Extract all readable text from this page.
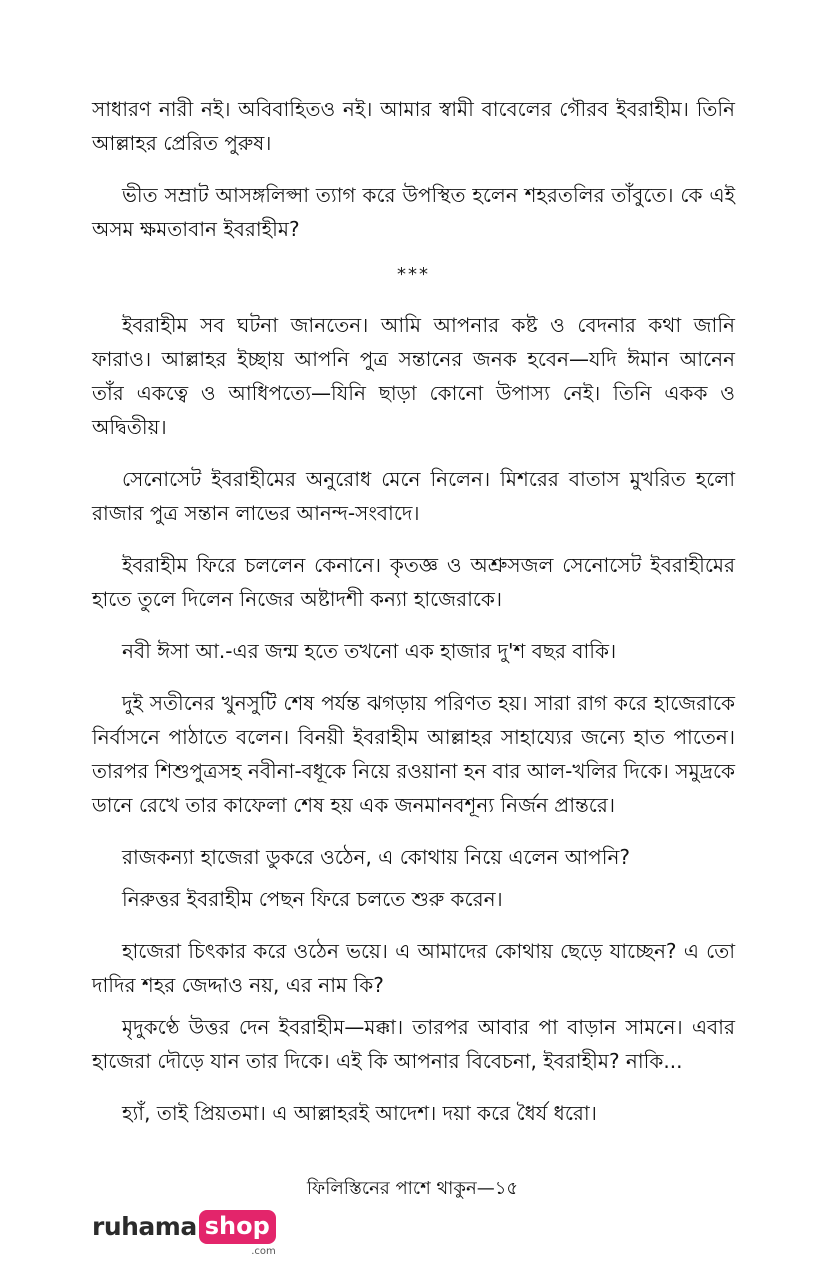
সাধারণ নারী নই। অবিবাহিতও নই। আমার স্বামী বাবেলের গৌরব ইবরাহীম। তিনি আল্লাহর প্রেরিত পুরুষ।

ভীত সম্রাট আসঙ্গলিপ্সা ত্যাগ করে উপস্থিত হলেন শহরতলির তাঁবুতে। কে এই অসম ক্ষমতাবান ইবরাহীম?

***

ইবরাহীম সব ঘটনা জানতেন। আমি আপনার কষ্ট ও বেদনার কথা জানি ফারাও। আল্লাহর ইচ্ছায় আপনি পুত্র সন্তানের জনক হবেন—যদি ঈমান আনেন তাঁর একত্বে ও আধিপত্যে—যিনি ছাড়া কোনো উপাস্য নেই। তিনি একক ও অদ্বিতীয়।

সেনোসেট ইবরাহীমের অনুরোধ মেনে নিলেন। মিশরের বাতাস মুখরিত হলো রাজার পুত্র সন্তান লাভের আনন্দ-সংবাদে।

ইবরাহীম ফিরে চললেন কেনানে। কৃতজ্ঞ ও অশ্রুসজল সেনোসেট ইবরাহীমের হাতে তুলে দিলেন নিজের অষ্টাদশী কন্যা হাজেরাকে।

নবী ঈসা আ.-এর জন্ম হতে তখনো এক হাজার দু'শ বছর বাকি।

দুই সতীনের খুনসুটি শেষ পর্যন্ত ঝগড়ায় পরিণত হয়। সারা রাগ করে হাজেরাকে নির্বাসনে পাঠাতে বলেন। বিনয়ী ইবরাহীম আল্লাহর সাহায্যের জন্যে হাত পাতেন। তারপর শিশুপুত্রসহ নবীনা-বধূকে নিয়ে রওয়ানা হন বার আল-খলির দিকে। সমুদ্রকে ডানে রেখে তার কাফেলা শেষ হয় এক জনমানবশূন্য নির্জন প্রান্তরে।

রাজকন্যা হাজেরা ডুকরে ওঠেন, এ কোথায় নিয়ে এলেন আপনি?

নিরুত্তর ইবরাহীম পেছন ফিরে চলতে শুরু করেন।

হাজেরা চিৎকার করে ওঠেন ভয়ে। এ আমাদের কোথায় ছেড়ে যাচ্ছেন? এ তো দাদির শহর জেদ্দাও নয়, এর নাম কি?

মৃদুকণ্ঠে উত্তর দেন ইবরাহীম—মক্কা। তারপর আবার পা বাড়ান সামনে। এবার হাজেরা দৌড়ে যান তার দিকে। এই কি আপনার বিবেচনা, ইবরাহীম? নাকি...

হ্যাঁ, তাই প্রিয়তমা। এ আল্লাহরই আদেশ। দয়া করে ধৈর্য ধরো।

ফিলিস্তিনের পাশে থাকুন—১৫
ruhama shop
.com
